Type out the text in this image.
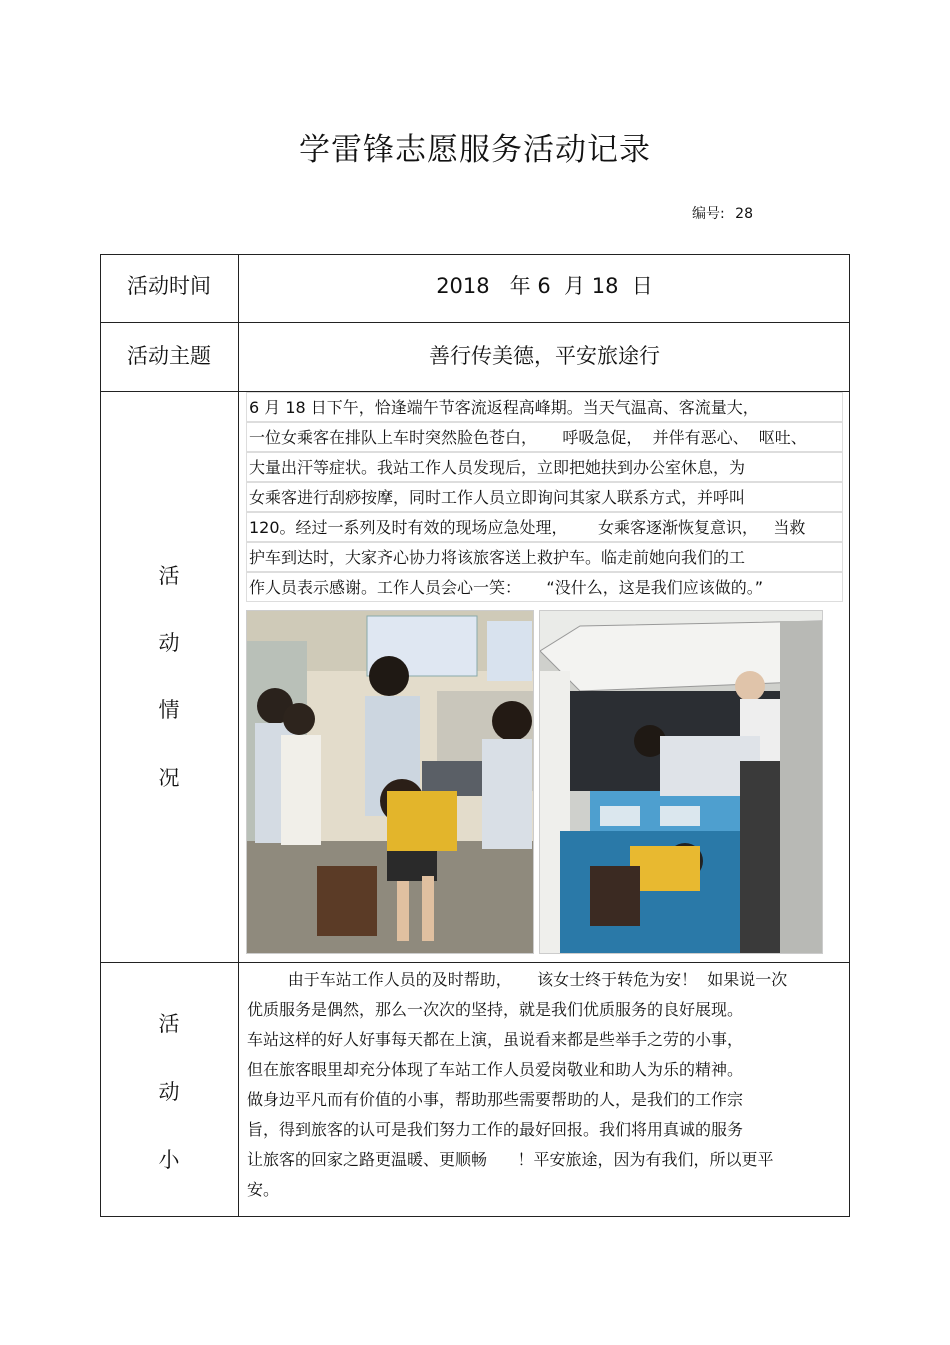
学雷锋志愿服务活动记录
编号: 28
活动时间	2018   年 6  月 18  日
活动主题	善行传美德，平安旅途行
活
动
情
况
6 月 18 日下午，恰逢端午节客流返程高峰期。当天气温高、客流量大，
一位女乘客在排队上车时突然脸色苍白，     呼吸急促，  并伴有恶心、  呕吐、
大量出汗等症状。我站工作人员发现后，立即把她扶到办公室休息，为
女乘客进行刮痧按摩，同时工作人员立即询问其家人联系方式，并呼叫
120。经过一系列及时有效的现场应急处理，      女乘客逐渐恢复意识，   当救
护车到达时，大家齐心协力将该旅客送上救护车。临走前她向我们的工
作人员表示感谢。工作人员会心一笑：     “没什么，这是我们应该做的。”
活
动
小
由于车站工作人员的及时帮助，     该女士终于转危为安！  如果说一次
优质服务是偶然，那么一次次的坚持，就是我们优质服务的良好展现。
车站这样的好人好事每天都在上演，虽说看来都是些举手之劳的小事，
但在旅客眼里却充分体现了车站工作人员爱岗敬业和助人为乐的精神。
做身边平凡而有价值的小事，帮助那些需要帮助的人，是我们的工作宗
旨，得到旅客的认可是我们努力工作的最好回报。我们将用真诚的服务
让旅客的回家之路更温暖、更顺畅      ！平安旅途，因为有我们，所以更平
安。
